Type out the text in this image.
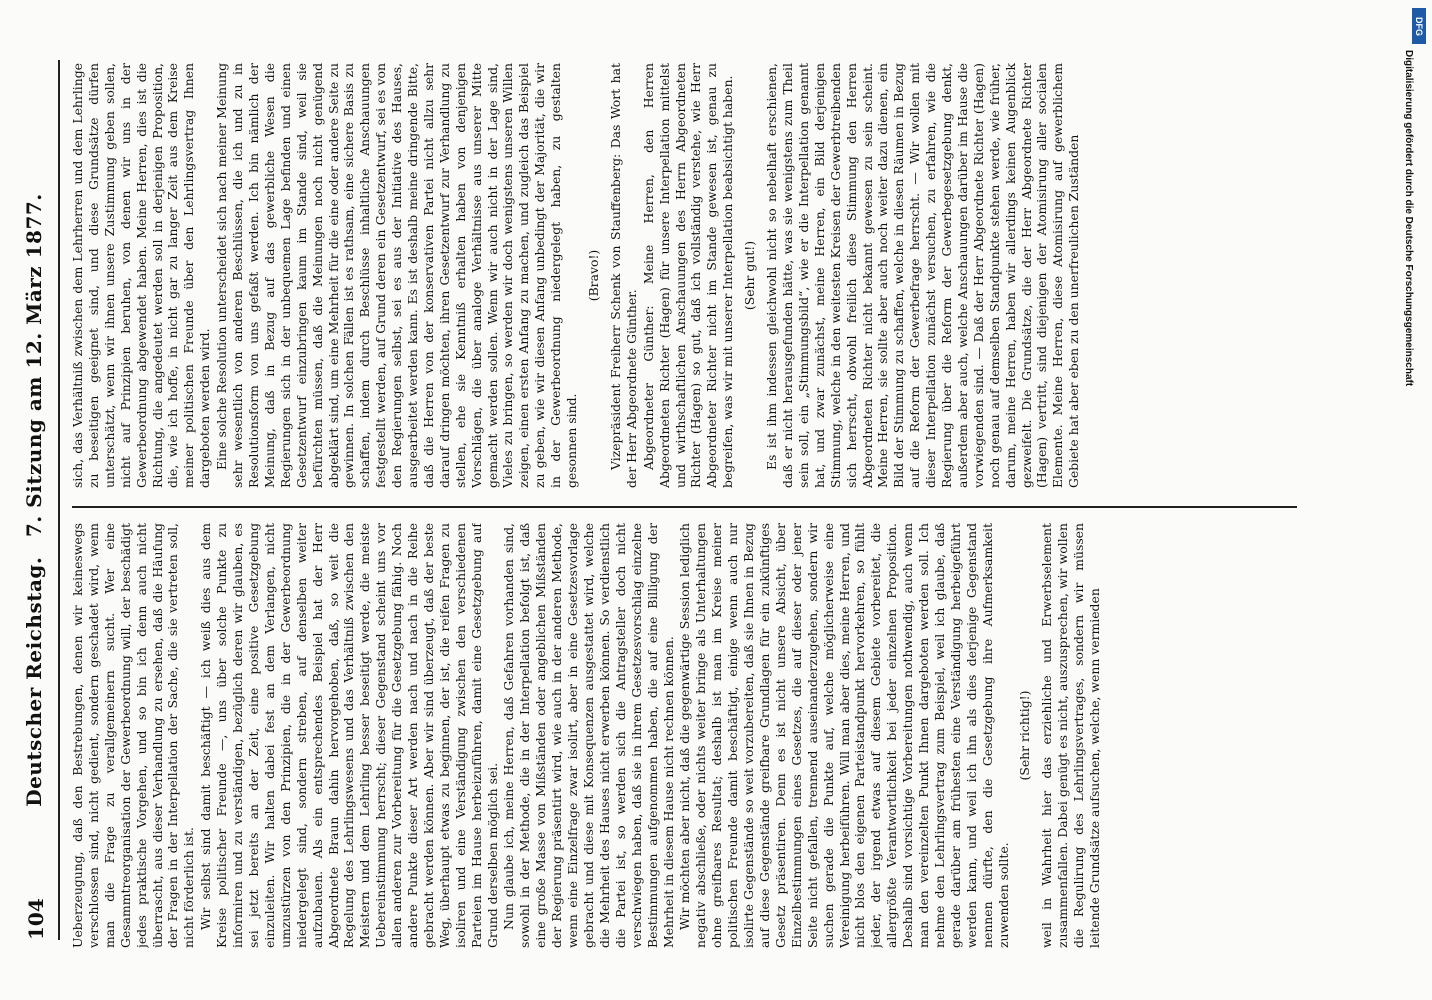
104
Deutscher Reichstag. 7. Sitzung am 12. März 1877.

Ueberzeugung, daß den Bestrebungen, denen wir keineswegs verschlossen sind, nicht gedient, sondern geschadet wird, wenn man die Frage zu verallgemeinern sucht. Wer eine Gesammtreorganisation der Gewerbeordnung will, der beschädigt jedes praktische Vorgehen, und so bin ich denn auch nicht überrascht, aus dieser Verhandlung zu ersehen, daß die Häufung der Fragen in der Interpellation der Sache, die sie vertreten soll, nicht förderlich ist. Wir selbst sind damit beschäftigt — ich weiß dies aus dem Kreise politischer Freunde —, uns über solche Punkte zu informiren und zu verständigen, bezüglich deren wir glauben, es sei jetzt bereits an der Zeit, eine positive Gesetzgebung einzuleiten. Wir halten dabei fest an dem Verlangen, nicht umzustürzen von den Prinzipien, die in der Gewerbeordnung niedergelegt sind, sondern streben, auf denselben weiter aufzubauen. Als ein entsprechendes Beispiel hat der Herr Abgeordnete Braun dahin hervorgehoben, daß, so weit die Regelung des Lehrlingswesens und das Verhältniß zwischen den Meistern und dem Lehrling besser beseitigt werde, die meiste Uebereinstimmung herrscht; dieser Gegenstand scheint uns vor allen anderen zur Vorbereitung für die Gesetzgebung fähig. Noch andere Punkte dieser Art werden nach und nach in die Reihe gebracht werden können. Aber wir sind überzeugt, daß der beste Weg, überhaupt etwas zu beginnen, der ist, die reifen Fragen zu isoliren und eine Verständigung zwischen den verschiedenen Parteien im Hause herbeizuführen, damit eine Gesetzgebung auf Grund derselben möglich sei. Nun glaube ich, meine Herren, daß Gefahren vorhanden sind, sowohl in der Methode, die in der Interpellation befolgt ist, daß eine große Masse von Mißständen oder angeblichen Mißständen der Regierung präsentirt wird, wie auch in der anderen Methode, wenn eine Einzelfrage zwar isolirt, aber in eine Gesetzesvorlage gebracht und diese mit Konsequenzen ausgestattet wird, welche die Mehrheit des Hauses nicht erwerben können. So verdienstlich die Partei ist, so werden sich die Antragsteller doch nicht verschwiegen haben, daß sie in ihrem Gesetzesvorschlag einzelne Bestimmungen aufgenommen haben, die auf eine Billigung der Mehrheit in diesem Hause nicht rechnen können. Wir möchten aber nicht, daß die gegenwärtige Session lediglich negativ abschließe, oder nichts weiter bringe als Unterhaltungen ohne greifbares Resultat; deshalb ist man im Kreise meiner politischen Freunde damit beschäftigt, einige wenn auch nur isolirte Gegenstände so weit vorzubereiten, daß sie Ihnen in Bezug auf diese Gegenstände greifbare Grundlagen für ein zukünftiges Gesetz präsentiren. Denn es ist nicht unsere Absicht, über Einzelbestimmungen eines Gesetzes, die auf dieser oder jener Seite nicht gefallen, trennend auseinanderzugehen, sondern wir suchen gerade die Punkte auf, welche möglicherweise eine Vereinigung herbeiführen. Will man aber dies, meine Herren, und nicht blos den eigenen Parteistandpunkt hervorkehren, so fühlt jeder, der irgend etwas auf diesem Gebiete vorbereitet, die allergrößte Verantwortlichkeit bei jeder einzelnen Proposition. Deshalb sind vorsichtige Vorbereitungen nothwendig, auch wenn man den vereinzelten Punkt Ihnen dargeboten werden soll. Ich nehme den Lehrlingsvertrag zum Beispiel, weil ich glaube, daß gerade darüber am frühesten eine Verständigung herbeigeführt werden kann, und weil ich ihn als dies derjenige Gegenstand nennen dürfte, den die Gesetzgebung ihre Aufmerksamkeit zuwenden sollte.

(Sehr richtig!) weil in Wahrheit hier das erziehliche und Erwerbselement zusammenfallen. Dabei genügt es nicht, auszusprechen, wir wollen die Regulirung des Lehrlingsvertrages, sondern wir müssen leitende Grundsätze aufsuchen, welche, wenn vermieden

sich, das Verhältniß zwischen dem Lehrherren und dem Lehrlinge zu beseitigen geeignet sind, und diese Grundsätze dürfen unterschätzt, wenn wir ihnen unsere Zustimmung geben sollen, nicht auf Prinzipien beruhen, von denen wir uns in der Gewerbeordnung abgewendet haben. Meine Herren, dies ist die Richtung, die angedeutet werden soll in derjenigen Proposition, die, wie ich hoffe, in nicht gar zu langer Zeit aus dem Kreise meiner politischen Freunde über den Lehrlingsvertrag Ihnen dargeboten werden wird. Eine solche Resolution unterscheidet sich nach meiner Meinung sehr wesentlich von anderen Beschlüssen, die ich und zu in Resolutionsform von uns gefaßt werden. Ich bin nämlich der Meinung, daß in Bezug auf das gewerbliche Wesen die Regierungen sich in der unbequemen Lage befinden und einen Gesetzentwurf einzubringen kaum im Stande sind, weil sie befürchten müssen, daß die Meinungen noch nicht genügend abgeklärt sind, um eine Mehrheit für die eine oder andere Seite zu gewinnen. In solchen Fällen ist es rathsam, eine sichere Basis zu schaffen, indem durch Beschlüsse inhaltliche Anschauungen festgestellt werden, auf Grund deren ein Gesetzentwurf, sei es von den Regierungen selbst, sei es aus der Initiative des Hauses, ausgearbeitet werden kann. Es ist deshalb meine dringende Bitte, daß die Herren von der konservativen Partei nicht allzu sehr darauf dringen möchten, ihren Gesetzentwurf zur Verhandlung zu stellen, ehe sie Kenntniß erhalten haben von denjenigen Vorschlägen, die über analoge Verhältnisse aus unserer Mitte gemacht werden sollen. Wenn wir auch nicht in der Lage sind, Vieles zu bringen, so werden wir doch wenigstens unseren Willen zeigen, einen ersten Anfang zu machen, und zugleich das Beispiel zu geben, wie wir diesen Anfang unbedingt der Majorität, die wir in der Gewerbeordnung niedergelegt haben, zu gestalten gesonnen sind.

(Bravo!) Vizepräsident Freiherr Schenk von Stauffenberg: Das Wort hat der Herr Abgeordnete Günther. Abgeordneter Günther: Meine Herren, den Herren Abgeordneten Richter (Hagen) für unsere Interpellation mittelst und wirthschaftlichen Anschauungen des Herrn Abgeordneten Richter (Hagen) so gut, daß ich vollständig verstehe, wie Herr Abgeordneter Richter nicht im Stande gewesen ist, genau zu begreifen, was wir mit unserer Interpellation beabsichtigt haben. (Sehr gut!) Es ist ihm indessen gleichwohl nicht so nebelhaft erschienen, daß er nicht herausgefunden hätte, was sie wenigstens zum Theil sein soll, ein „Stimmungsbild“, wie er die Interpellation genannt hat, und zwar zunächst, meine Herren, ein Bild derjenigen Stimmung, welche in den weitesten Kreisen der Gewerbtreibenden sich herrscht, obwohl freilich diese Stimmung den Herren Abgeordneten Richter nicht bekannt gewesen zu sein scheint. Meine Herren, sie sollte aber auch noch weiter dazu dienen, ein Bild der Stimmung zu schaffen, welche in diesen Räumen in Bezug auf die Reform der Gewerbefrage herrscht. — Wir wollen mit dieser Interpellation zunächst versuchen, zu erfahren, wie die Regierung über die Reform der Gewerbegesetzgebung denkt, außerdem aber auch, welche Anschauungen darüber im Hause die vorwiegenden sind. — Daß der Herr Abgeordnete Richter (Hagen) noch genau auf demselben Standpunkte stehen werde, wie früher, darum, meine Herren, haben wir allerdings keinen Augenblick gezweifelt. Die Grundsätze, die der Herr Abgeordnete Richter (Hagen) vertritt, sind diejenigen der Atomisirung aller socialen Elemente. Meine Herren, diese Atomisirung auf gewerblichem Gebiete hat aber eben zu den unerfreulichen Zuständen

DFG
Digitalisierung gefördert durch die Deutsche Forschungsgemeinschaft
